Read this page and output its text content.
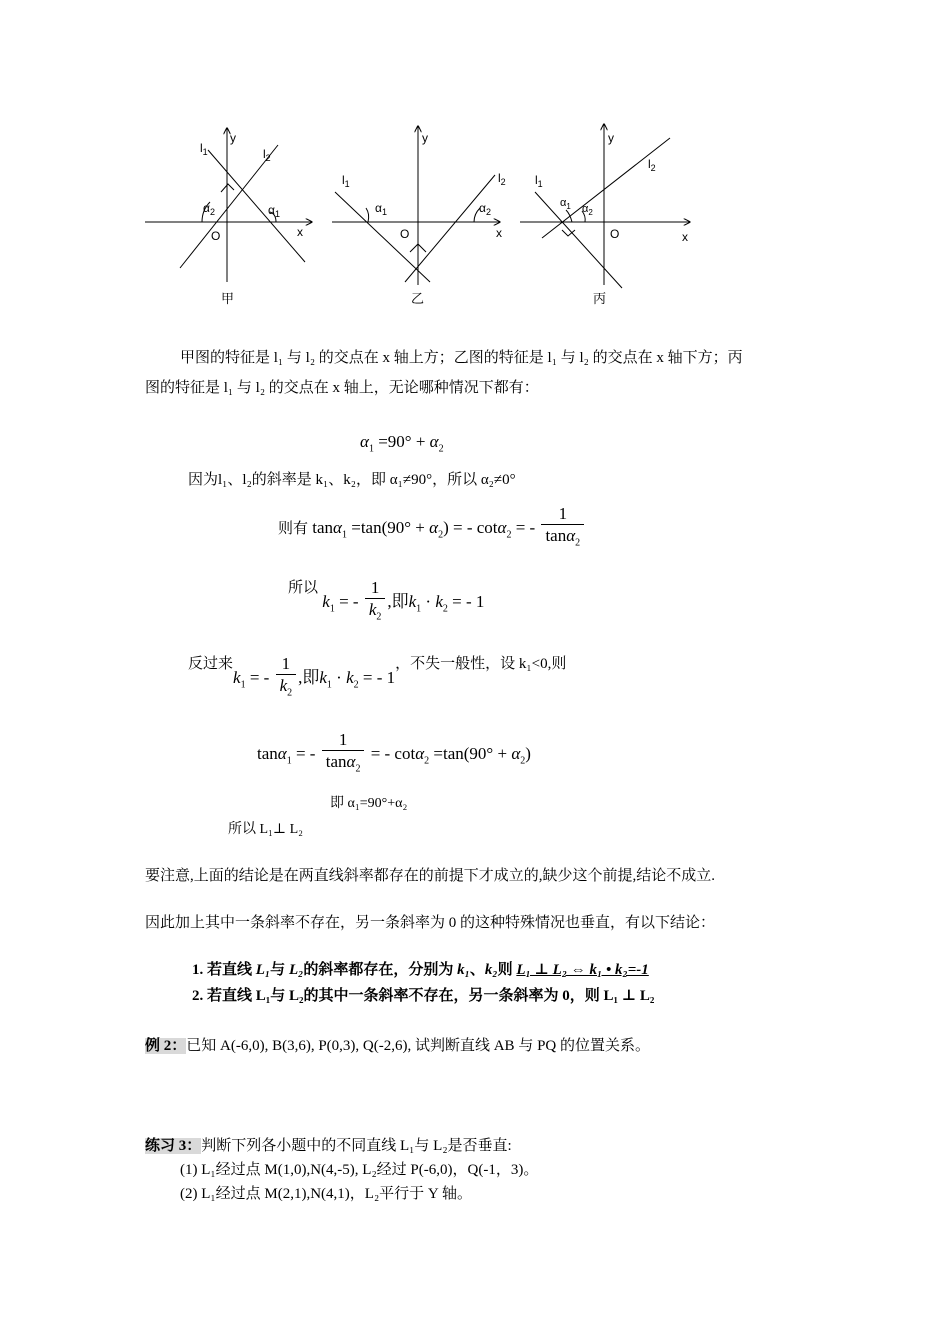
$l_1$
y
$l_2$
$\alpha_2$	$\alpha_1$
O	x
甲
$l_1$
y
$l_2$
$\alpha_1$	$\alpha_2$
O	x
乙
$l_1$
y
$l_2$
$\alpha_1$ $\alpha_2$
O	x
丙
甲图的特征是 l₁ 与 l₂ 的交点在 x 轴上方；乙图的特征是 l₁ 与 l₂ 的交点在 x 轴下方；丙
图的特征是 l₁ 与 l₂ 的交点在 x 轴上，无论哪种情况下都有：
$\alpha_1 =90^\circ + \alpha_2$
因为l₁、l₂的斜率是 k₁、k₂，即 α₁≠90°，所以 α₂≠0°
则有 $\tan\alpha_1 =\tan(90^\circ + \alpha_2)$ = - cotα$_2$ = - $\frac{1}{\tan\alpha_2}$
所以 $k_1$ = - $\frac{1}{k_2}$ ,即$k_1 \cdot k_2$ = - 1
反过来$k_1$ = - $\frac{1}{k_2}$ ,即$k_1 \cdot k_2$ = - 1，不失一般性，设 k₁<0,则
tanα$_1$ = - $\frac{1}{\tan\alpha_2}$ = - $\cot\alpha_2 =\tan(90^\circ + \alpha_2)$
即 α₁=90°+α₂
所以 L₁⊥ L₂
要注意,上面的结论是在两直线斜率都存在的前提下才成立的,缺少这个前提,结论不成立.
因此加上其中一条斜率不存在，另一条斜率为 0 的这种特殊情况也垂直，有以下结论：
1. 若直线 L₁与 L₂的斜率都存在，分别为 k₁、k₂则 L₁ ⊥ L₂ ⇔ k₁ • k₂=-1
2. 若直线 L₁与 L₂的其中一条斜率不存在，另一条斜率为 0，则 L₁ ⊥ L₂
例 2：已知 A(-6,0), B(3,6), P(0,3), Q(-2,6), 试判断直线 AB 与 PQ 的位置关系。
练习 3：判断下列各小题中的不同直线 L₁与 L₂是否垂直:
(1) L₁经过点 M(1,0),N(4,-5), L₂经过 P(-6,0)，Q(-1，3)。
(2) L₁经过点 M(2,1),N(4,1)，L₂平行于 Y 轴。
